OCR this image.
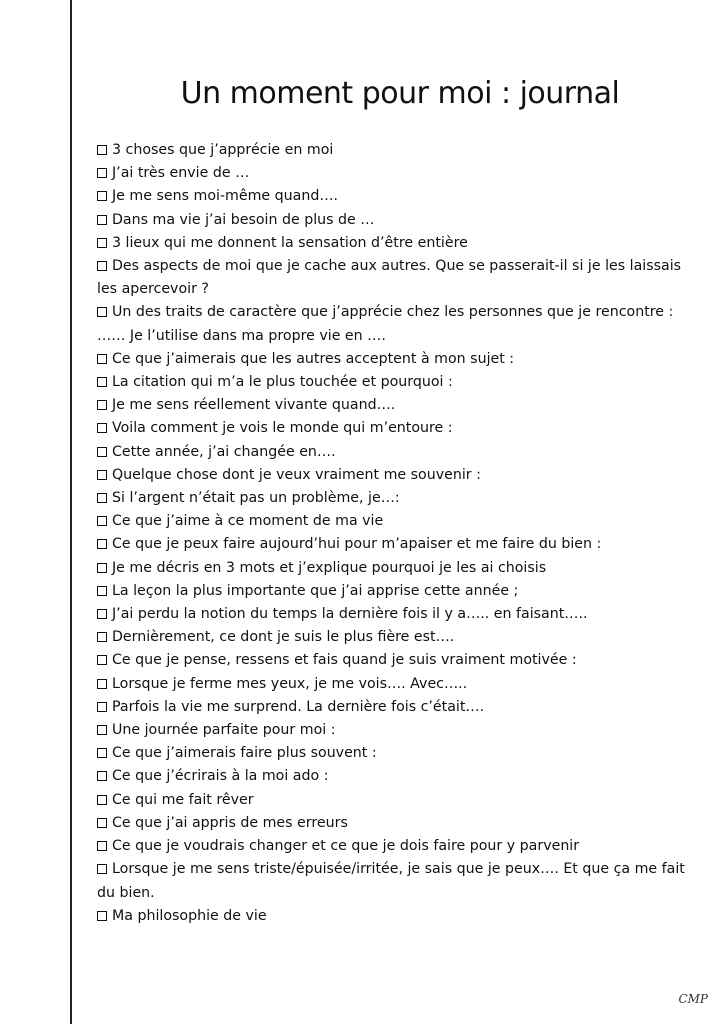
Un moment pour moi : journal
3 choses que j’apprécie en moi
J’ai très envie de …
Je me sens moi-même quand….
Dans ma vie j’ai besoin de plus de …
3 lieux qui me donnent la sensation d’être entière
Des aspects de moi que je cache aux autres. Que se passerait-il si je les laissais les apercevoir ?
Un des traits de caractère que j’apprécie chez les personnes que je rencontre : …… Je l’utilise dans ma propre vie en ….
Ce que j’aimerais que les autres acceptent à mon sujet :
La citation qui m’a le plus touchée et pourquoi :
Je me sens réellement vivante quand….
Voila comment je vois le monde qui m’entoure :
Cette année, j’ai changée en….
Quelque chose dont je veux vraiment me souvenir :
Si l’argent n’était pas un problème, je…:
Ce que j’aime à ce moment de ma vie
Ce que je peux faire aujourd’hui pour m’apaiser et me faire du bien :
Je me décris en 3 mots et j’explique pourquoi je les ai choisis
La leçon la plus importante que j’ai apprise cette année ;
J’ai perdu la notion du temps la dernière fois il y a….. en faisant…..
Dernièrement, ce dont je suis le plus fière est….
Ce que je pense, ressens et fais quand je suis vraiment motivée :
Lorsque je ferme mes yeux, je me vois…. Avec…..
Parfois la vie me surprend. La dernière fois c’était….
Une journée parfaite pour moi :
Ce que j’aimerais faire plus souvent :
Ce que j’écrirais à la moi ado :
Ce qui me fait rêver
Ce que j’ai appris de mes erreurs
Ce que je voudrais changer et ce que je dois faire pour y parvenir
Lorsque je me sens triste/épuisée/irritée, je sais que je peux…. Et que ça me fait du bien.
Ma philosophie de vie
CMP
